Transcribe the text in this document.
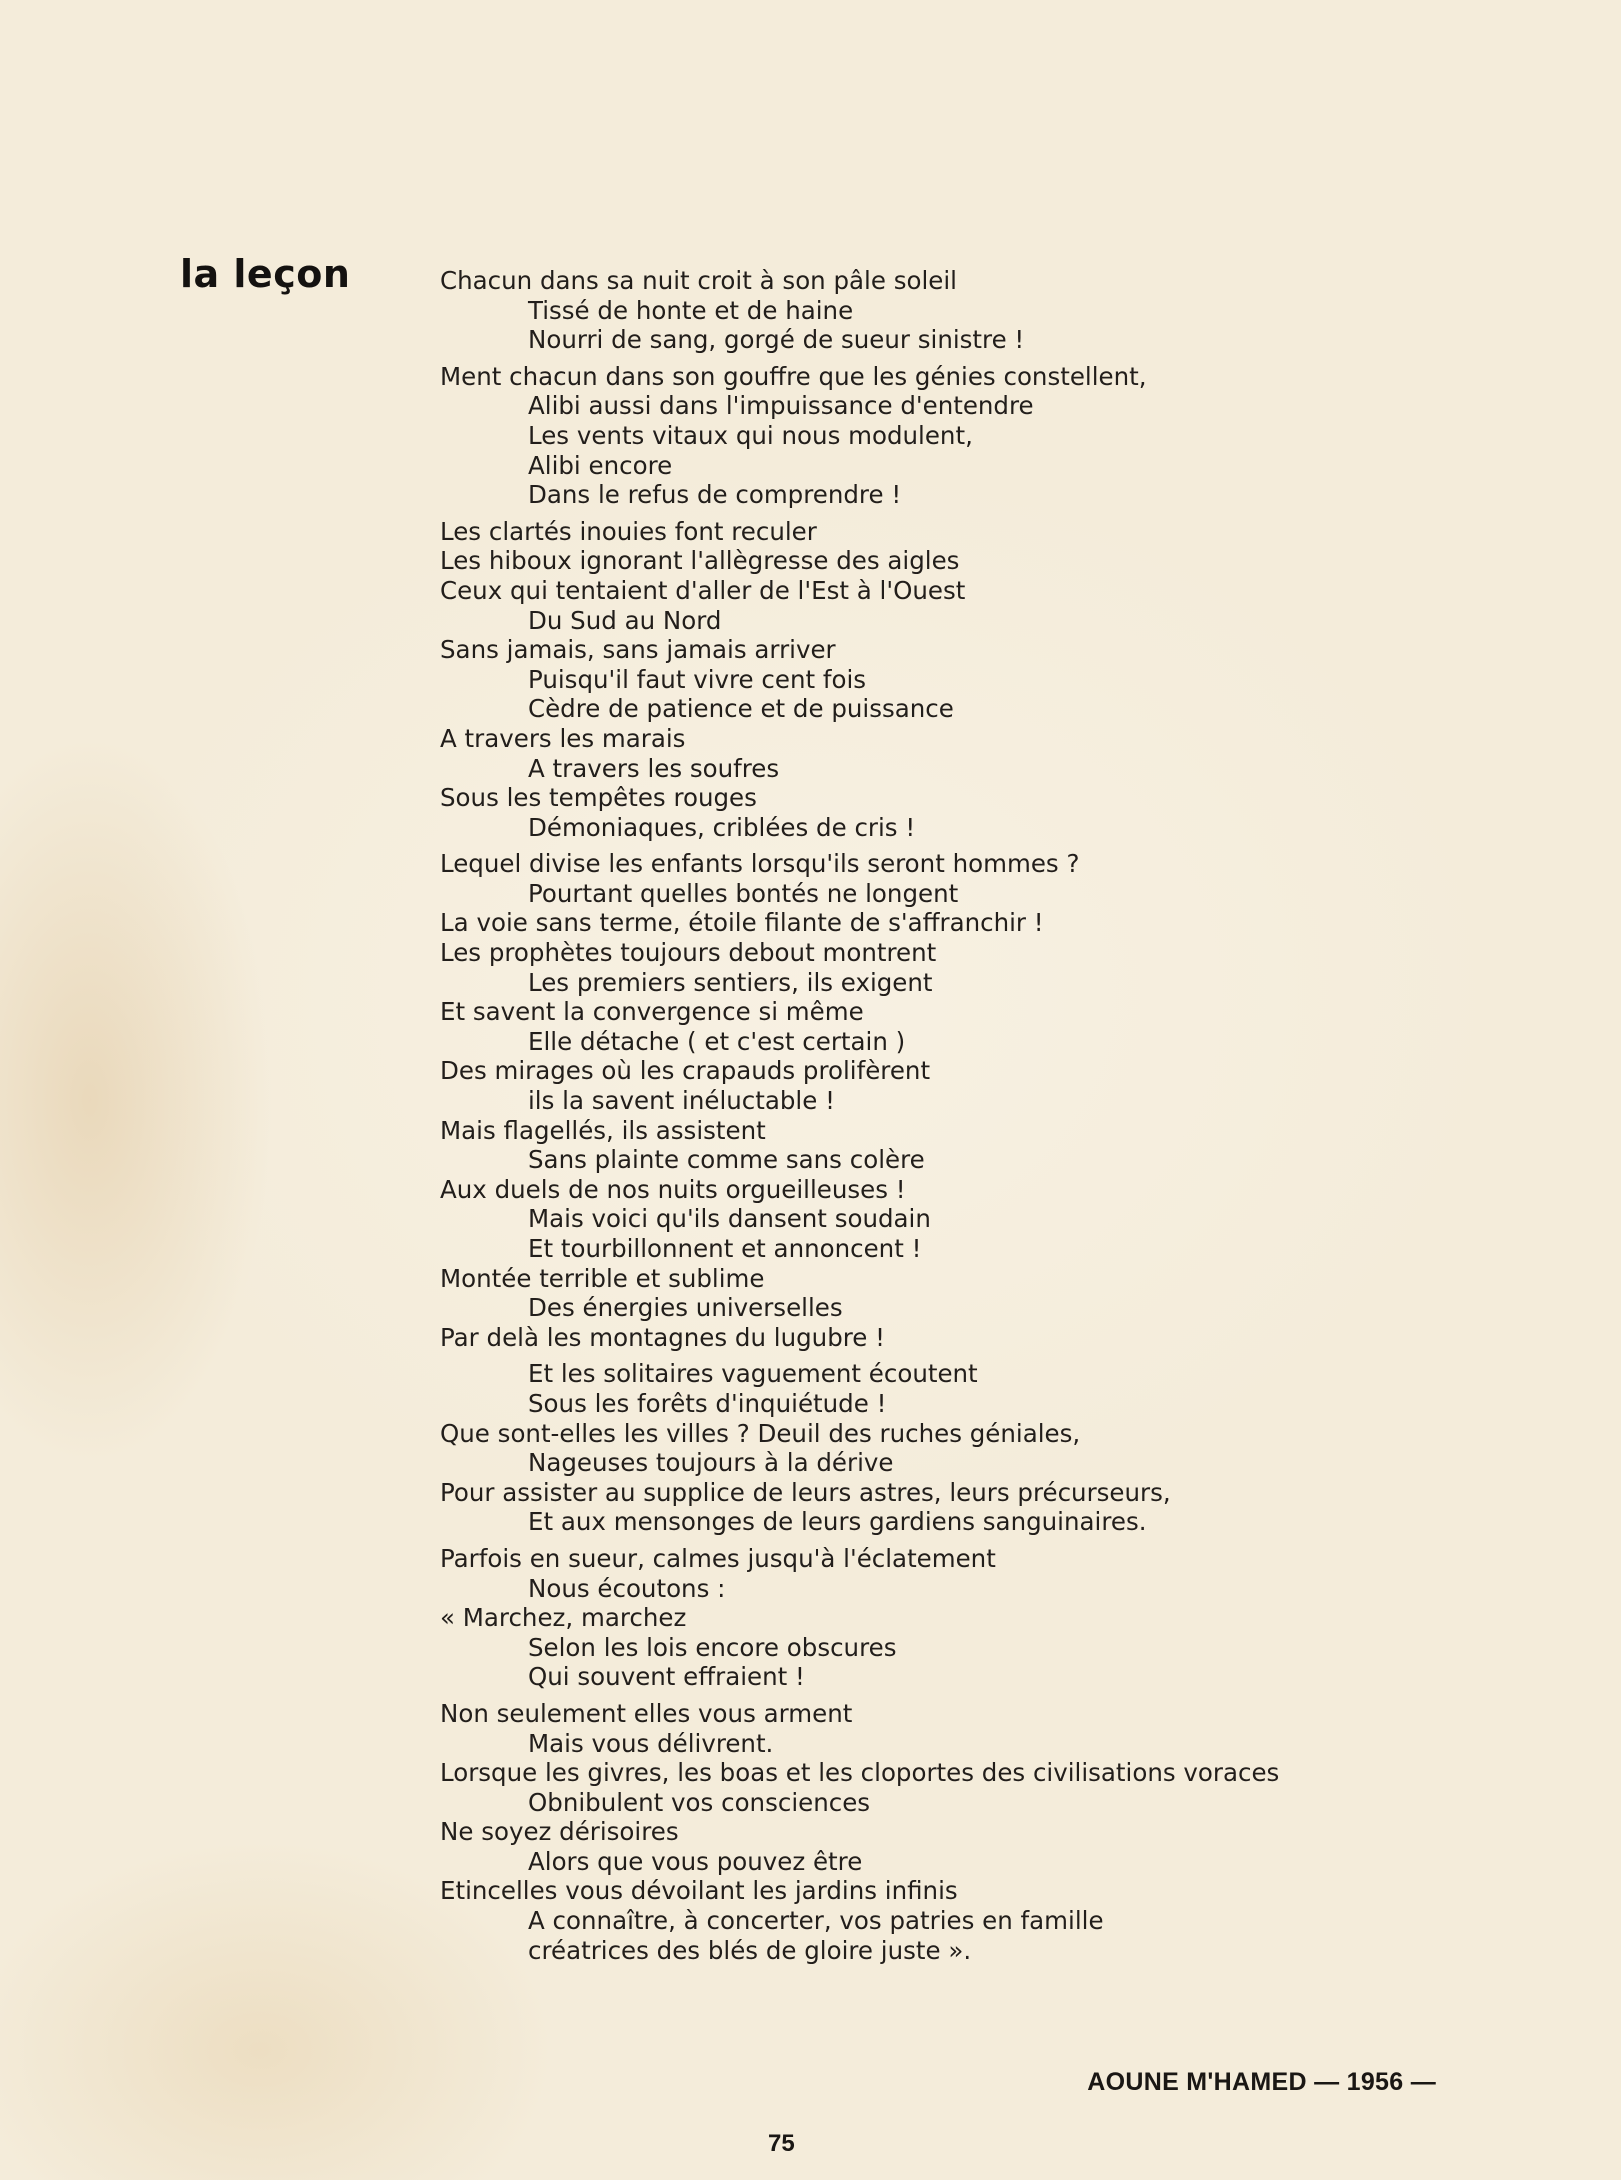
la leçon	Chacun dans sa nuit croit à son pâle soleil
Tissé de honte et de haine
Nourri de sang, gorgé de sueur sinistre !
Ment chacun dans son gouffre que les génies constellent,
Alibi aussi dans l'impuissance d'entendre
Les vents vitaux qui nous modulent,
Alibi encore
Dans le refus de comprendre !
Les clartés inouies font reculer
Les hiboux ignorant l'allègresse des aigles
Ceux qui tentaient d'aller de l'Est à l'Ouest
Du Sud au Nord
Sans jamais, sans jamais arriver
Puisqu'il faut vivre cent fois
Cèdre de patience et de puissance
A travers les marais
A travers les soufres
Sous les tempêtes rouges
Démoniaques, criblées de cris !
Lequel divise les enfants lorsqu'ils seront hommes ?
Pourtant quelles bontés ne longent
La voie sans terme, étoile filante de s'affranchir !
Les prophètes toujours debout montrent
Les premiers sentiers, ils exigent
Et savent la convergence si même
Elle détache ( et c'est certain )
Des mirages où les crapauds prolifèrent
ils la savent inéluctable !
Mais flagellés, ils assistent
Sans plainte comme sans colère
Aux duels de nos nuits orgueilleuses !
Mais voici qu'ils dansent soudain
Et tourbillonnent et annoncent !
Montée terrible et sublime
Des énergies universelles
Par delà les montagnes du lugubre !
Et les solitaires vaguement écoutent
Sous les forêts d'inquiétude !
Que sont-elles les villes ? Deuil des ruches géniales,
Nageuses toujours à la dérive
Pour assister au supplice de leurs astres, leurs précurseurs,
Et aux mensonges de leurs gardiens sanguinaires.
Parfois en sueur, calmes jusqu'à l'éclatement
Nous écoutons :
« Marchez, marchez
Selon les lois encore obscures
Qui souvent effraient !
Non seulement elles vous arment
Mais vous délivrent.
Lorsque les givres, les boas et les cloportes des civilisations voraces
Obnibulent vos consciences
Ne soyez dérisoires
Alors que vous pouvez être
Etincelles vous dévoilant les jardins infinis
A connaître, à concerter, vos patries en famille
créatrices des blés de gloire juste ».
AOUNE M'HAMED — 1956 —
75
